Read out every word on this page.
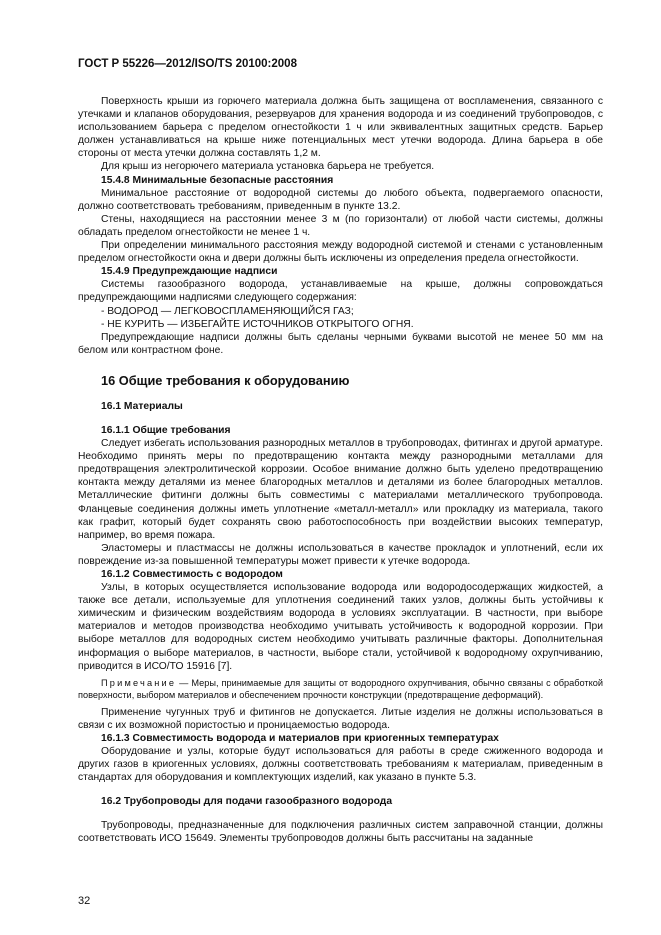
ГОСТ Р 55226—2012/ISO/TS 20100:2008

Поверхность крыши из горючего материала должна быть защищена от воспламенения, связанного с утечками и клапанов оборудования, резервуаров для хранения водорода и из соединений трубопроводов, с использованием барьера с пределом огнестойкости 1 ч или эквивалентных защитных средств. Барьер должен устанавливаться на крыше ниже потенциальных мест утечки водорода. Длина барьера в обе стороны от места утечки должна составлять 1,2 м.

Для крыш из негорючего материала установка барьера не требуется.

15.4.8 Минимальные безопасные расстояния

Минимальное расстояние от водородной системы до любого объекта, подвергаемого опасности, должно соответствовать требованиям, приведенным в пункте 13.2.

Стены, находящиеся на расстоянии менее 3 м (по горизонтали) от любой части системы, должны обладать пределом огнестойкости не менее 1 ч.

При определении минимального расстояния между водородной системой и стенами с установленным пределом огнестойкости окна и двери должны быть исключены из определения предела огнестойкости.

15.4.9 Предупреждающие надписи

Системы газообразного водорода, устанавливаемые на крыше, должны сопровождаться предупреждающими надписями следующего содержания:

- ВОДОРОД — ЛЕГКОВОСПЛАМЕНЯЮЩИЙСЯ ГАЗ;

- НЕ КУРИТЬ — ИЗБЕГАЙТЕ ИСТОЧНИКОВ ОТКРЫТОГО ОГНЯ.

Предупреждающие надписи должны быть сделаны черными буквами высотой не менее 50 мм на белом или контрастном фоне.

16 Общие требования к оборудованию

16.1 Материалы

16.1.1 Общие требования

Следует избегать использования разнородных металлов в трубопроводах, фитингах и другой арматуре. Необходимо принять меры по предотвращению контакта между разнородными металлами для предотвращения электролитической коррозии. Особое внимание должно быть уделено предотвращению контакта между деталями из менее благородных металлов и деталями из более благородных металлов. Металлические фитинги должны быть совместимы с материалами металлического трубопровода. Фланцевые соединения должны иметь уплотнение «металл-металл» или прокладку из материала, такого как графит, который будет сохранять свою работоспособность при воздействии высоких температур, например, во время пожара.

Эластомеры и пластмассы не должны использоваться в качестве прокладок и уплотнений, если их повреждение из-за повышенной температуры может привести к утечке водорода.

16.1.2 Совместимость с водородом

Узлы, в которых осуществляется использование водорода или водородосодержащих жидкостей, а также все детали, используемые для уплотнения соединений таких узлов, должны быть устойчивы к химическим и физическим воздействиям водорода в условиях эксплуатации. В частности, при выборе материалов и методов производства необходимо учитывать устойчивость к водородной коррозии. При выборе металлов для водородных систем необходимо учитывать различные факторы. Дополнительная информация о выборе материалов, в частности, выборе стали, устойчивой к водородному охрупчиванию, приводится в ИСО/ТО 15916 [7].

Примечание — Меры, принимаемые для защиты от водородного охрупчивания, обычно связаны с обработкой поверхности, выбором материалов и обеспечением прочности конструкции (предотвращение деформаций).

Применение чугунных труб и фитингов не допускается. Литые изделия не должны использоваться в связи с их возможной пористостью и проницаемостью водорода.

16.1.3 Совместимость водорода и материалов при криогенных температурах

Оборудование и узлы, которые будут использоваться для работы в среде сжиженного водорода и других газов в криогенных условиях, должны соответствовать требованиям к материалам, приведенным в стандартах для оборудования и комплектующих изделий, как указано в пункте 5.3.

16.2 Трубопроводы для подачи газообразного водорода

Трубопроводы, предназначенные для подключения различных систем заправочной станции, должны соответствовать ИСО 15649. Элементы трубопроводов должны быть рассчитаны на заданные

32
